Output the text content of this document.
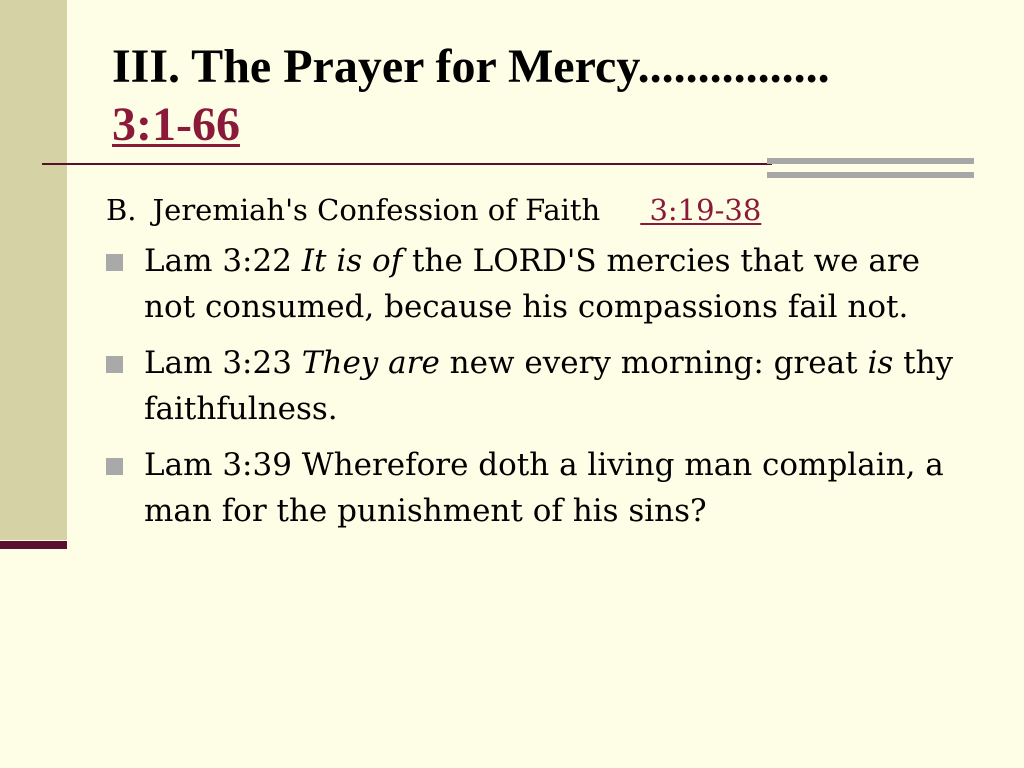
III. The Prayer for Mercy................
3:1-66
B. Jeremiah's Confession of Faith 3:19-38
Lam 3:22 It is of the LORD'S mercies that we are not consumed, because his compassions fail not.
Lam 3:23 They are new every morning: great is thy faithfulness.
Lam 3:39 Wherefore doth a living man complain, a man for the punishment of his sins?
